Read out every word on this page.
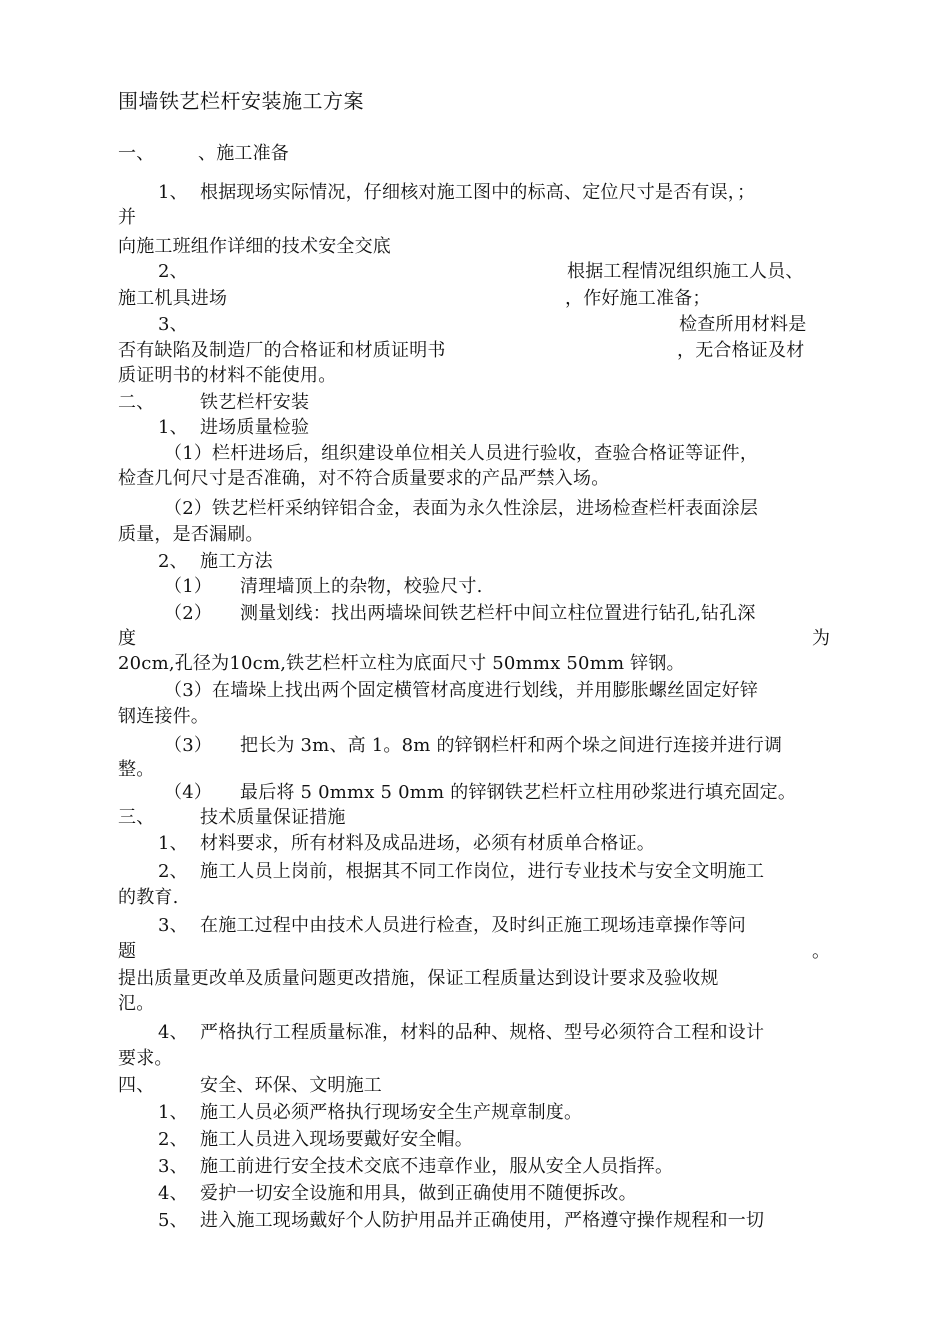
围墙铁艺栏杆安装施工方案
一、 、施工准备
1、 根据现场实际情况，仔细核对施工图中的标高、定位尺寸是否有误，；
并
向施工班组作详细的技术安全交底
2、	根据工程情况组织施工人员、
施工机具进场	，作好施工准备；
3、	检查所用材料是
否有缺陷及制造厂的合格证和材质证明书	，无合格证及材
质证明书的材料不能使用。
二、	铁艺栏杆安装
1、 进场质量检验
（1）栏杆进场后，组织建设单位相关人员进行验收，查验合格证等证件，
检查几何尺寸是否准确，对不符合质量要求的产品严禁入场。
（2）铁艺栏杆采纳锌铝合金，表面为永久性涂层，进场检查栏杆表面涂层
质量，是否漏刷。
2、 施工方法
（1） 清理墙顶上的杂物，校验尺寸.
（2） 测量划线：找出两墙垛间铁艺栏杆中间立柱位置进行钻孔,钻孔深
度	为
20cm,孔径为10cm,铁艺栏杆立柱为底面尺寸 50mmx 50mm 锌钢。
（3）在墙垛上找出两个固定横管材高度进行划线，并用膨胀螺丝固定好锌
钢连接件。
（3） 把长为 3m、高 1。8m 的锌钢栏杆和两个垛之间进行连接并进行调
整。
（4） 最后将 5 0mmx 5 0mm 的锌钢铁艺栏杆立柱用砂浆进行填充固定。
三、	技术质量保证措施
1、 材料要求，所有材料及成品进场，必须有材质单合格证。
2、 施工人员上岗前，根据其不同工作岗位，进行专业技术与安全文明施工
的教育.
3、 在施工过程中由技术人员进行检查，及时纠正施工现场违章操作等问
题	。
提出质量更改单及质量问题更改措施，保证工程质量达到设计要求及验收规
氾。
4、 严格执行工程质量标准，材料的品种、规格、型号必须符合工程和设计
要求。
四、	安全、环保、文明施工
1、 施工人员必须严格执行现场安全生产规章制度。
2、 施工人员进入现场要戴好安全帽。
3、 施工前进行安全技术交底不违章作业，服从安全人员指挥。
4、 爱护一切安全设施和用具，做到正确使用不随便拆改。
5、 进入施工现场戴好个人防护用品并正确使用，严格遵守操作规程和一切
